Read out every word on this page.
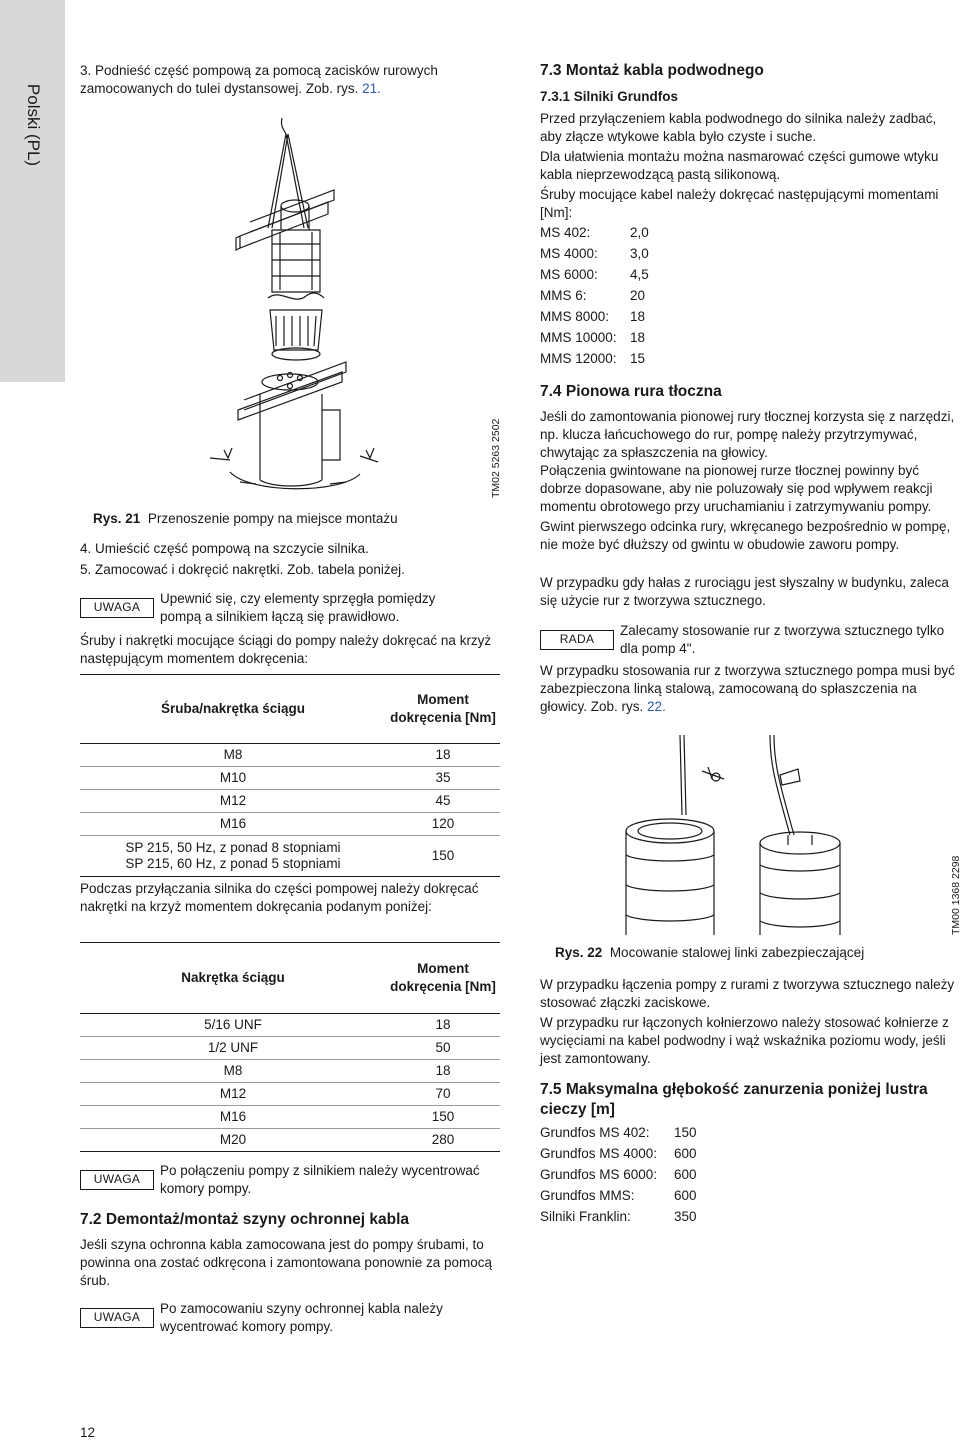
Polski (PL)

3. Podnieść część pompową za pomocą zacisków rurowych zamocowanych do tulei dystansowej. Zob. rys. 21.

TM02 5263 2502
Rys. 21 Przenoszenie pompy na miejsce montażu

4. Umieścić część pompową na szczycie silnika.

5. Zamocować i dokręcić nakrętki. Zob. tabela poniżej.

UWAGA
Upewnić się, czy elementy sprzęgła pomiędzy pompą a silnikiem łączą się prawidłowo.
Śruby i nakrętki mocujące ściągi do pompy należy dokręcać na krzyż następującym momentem dokręcenia:
Śruba/nakrętka ściągu	Moment dokręcenia [Nm]
M8	18
M10	35
M12	45
M16	120

SP 215, 50 Hz, z ponad 8 stopniami
SP 215, 60 Hz, z ponad 5 stopniami	150
Podczas przyłączania silnika do części pompowej należy dokręcać nakrętki na krzyż momentem dokręcania podanym poniżej:
Nakrętka ściągu	Moment dokręcenia [Nm]
5/16 UNF	18
1/2 UNF	50
M8	18
M12	70
M16	150
M20	280
UWAGA
Po połączeniu pompy z silnikiem należy wycentrować komory pompy.
7.2 Demontaż/montaż szyny ochronnej kabla
Jeśli szyna ochronna kabla zamocowana jest do pompy śrubami, to powinna ona zostać odkręcona i zamontowana ponownie za pomocą śrub.
UWAGA
Po zamocowaniu szyny ochronnej kabla należy wycentrować komory pompy.
12
7.3 Montaż kabla podwodnego
7.3.1 Silniki Grundfos
Przed przyłączeniem kabla podwodnego do silnika należy zadbać, aby złącze wtykowe kabla było czyste i suche.
Dla ułatwienia montażu można nasmarować części gumowe wtyku kabla nieprzewodzącą pastą silikonową.
Śruby mocujące kabel należy dokręcać następującymi momentami [Nm]:
MS 402:	2,0
MS 4000:	3,0
MS 6000:	4,5
MMS 6:	20
MMS 8000:	18
MMS 10000: 18
MMS 12000: 15
7.4 Pionowa rura tłoczna
Jeśli do zamontowania pionowej rury tłocznej korzysta się z narzędzi, np. klucza łańcuchowego do rur, pompę należy przytrzymywać, chwytając za spłaszczenia na głowicy.
Połączenia gwintowane na pionowej rurze tłocznej powinny być dobrze dopasowane, aby nie poluzowały się pod wpływem reakcji momentu obrotowego przy uruchamianiu i zatrzymywaniu pompy.
Gwint pierwszego odcinka rury, wkręcanego bezpośrednio w pompę, nie może być dłuższy od gwintu w obudowie zaworu pompy.
W przypadku gdy hałas z rurociągu jest słyszalny w budynku, zaleca się użycie rur z tworzywa sztucznego.
RADA
Zalecamy stosowanie rur z tworzywa sztucznego tylko dla pomp 4".
W przypadku stosowania rur z tworzywa sztucznego pompa musi być zabezpieczona linką stalową, zamocowaną do spłaszczenia na głowicy. Zob. rys. 22.
TM00 1368 2298
Rys. 22 Mocowanie stalowej linki zabezpieczającej
W przypadku łączenia pompy z rurami z tworzywa sztucznego należy stosować złączki zaciskowe.
W przypadku rur łączonych kołnierzowo należy stosować kołnierze z wycięciami na kabel podwodny i wąż wskaźnika poziomu wody, jeśli jest zamontowany.
7.5 Maksymalna głębokość zanurzenia poniżej lustra cieczy [m]
Grundfos MS 402:	150
Grundfos MS 4000:	600
Grundfos MS 6000:	600
Grundfos MMS:	600
Silniki Franklin:	350
